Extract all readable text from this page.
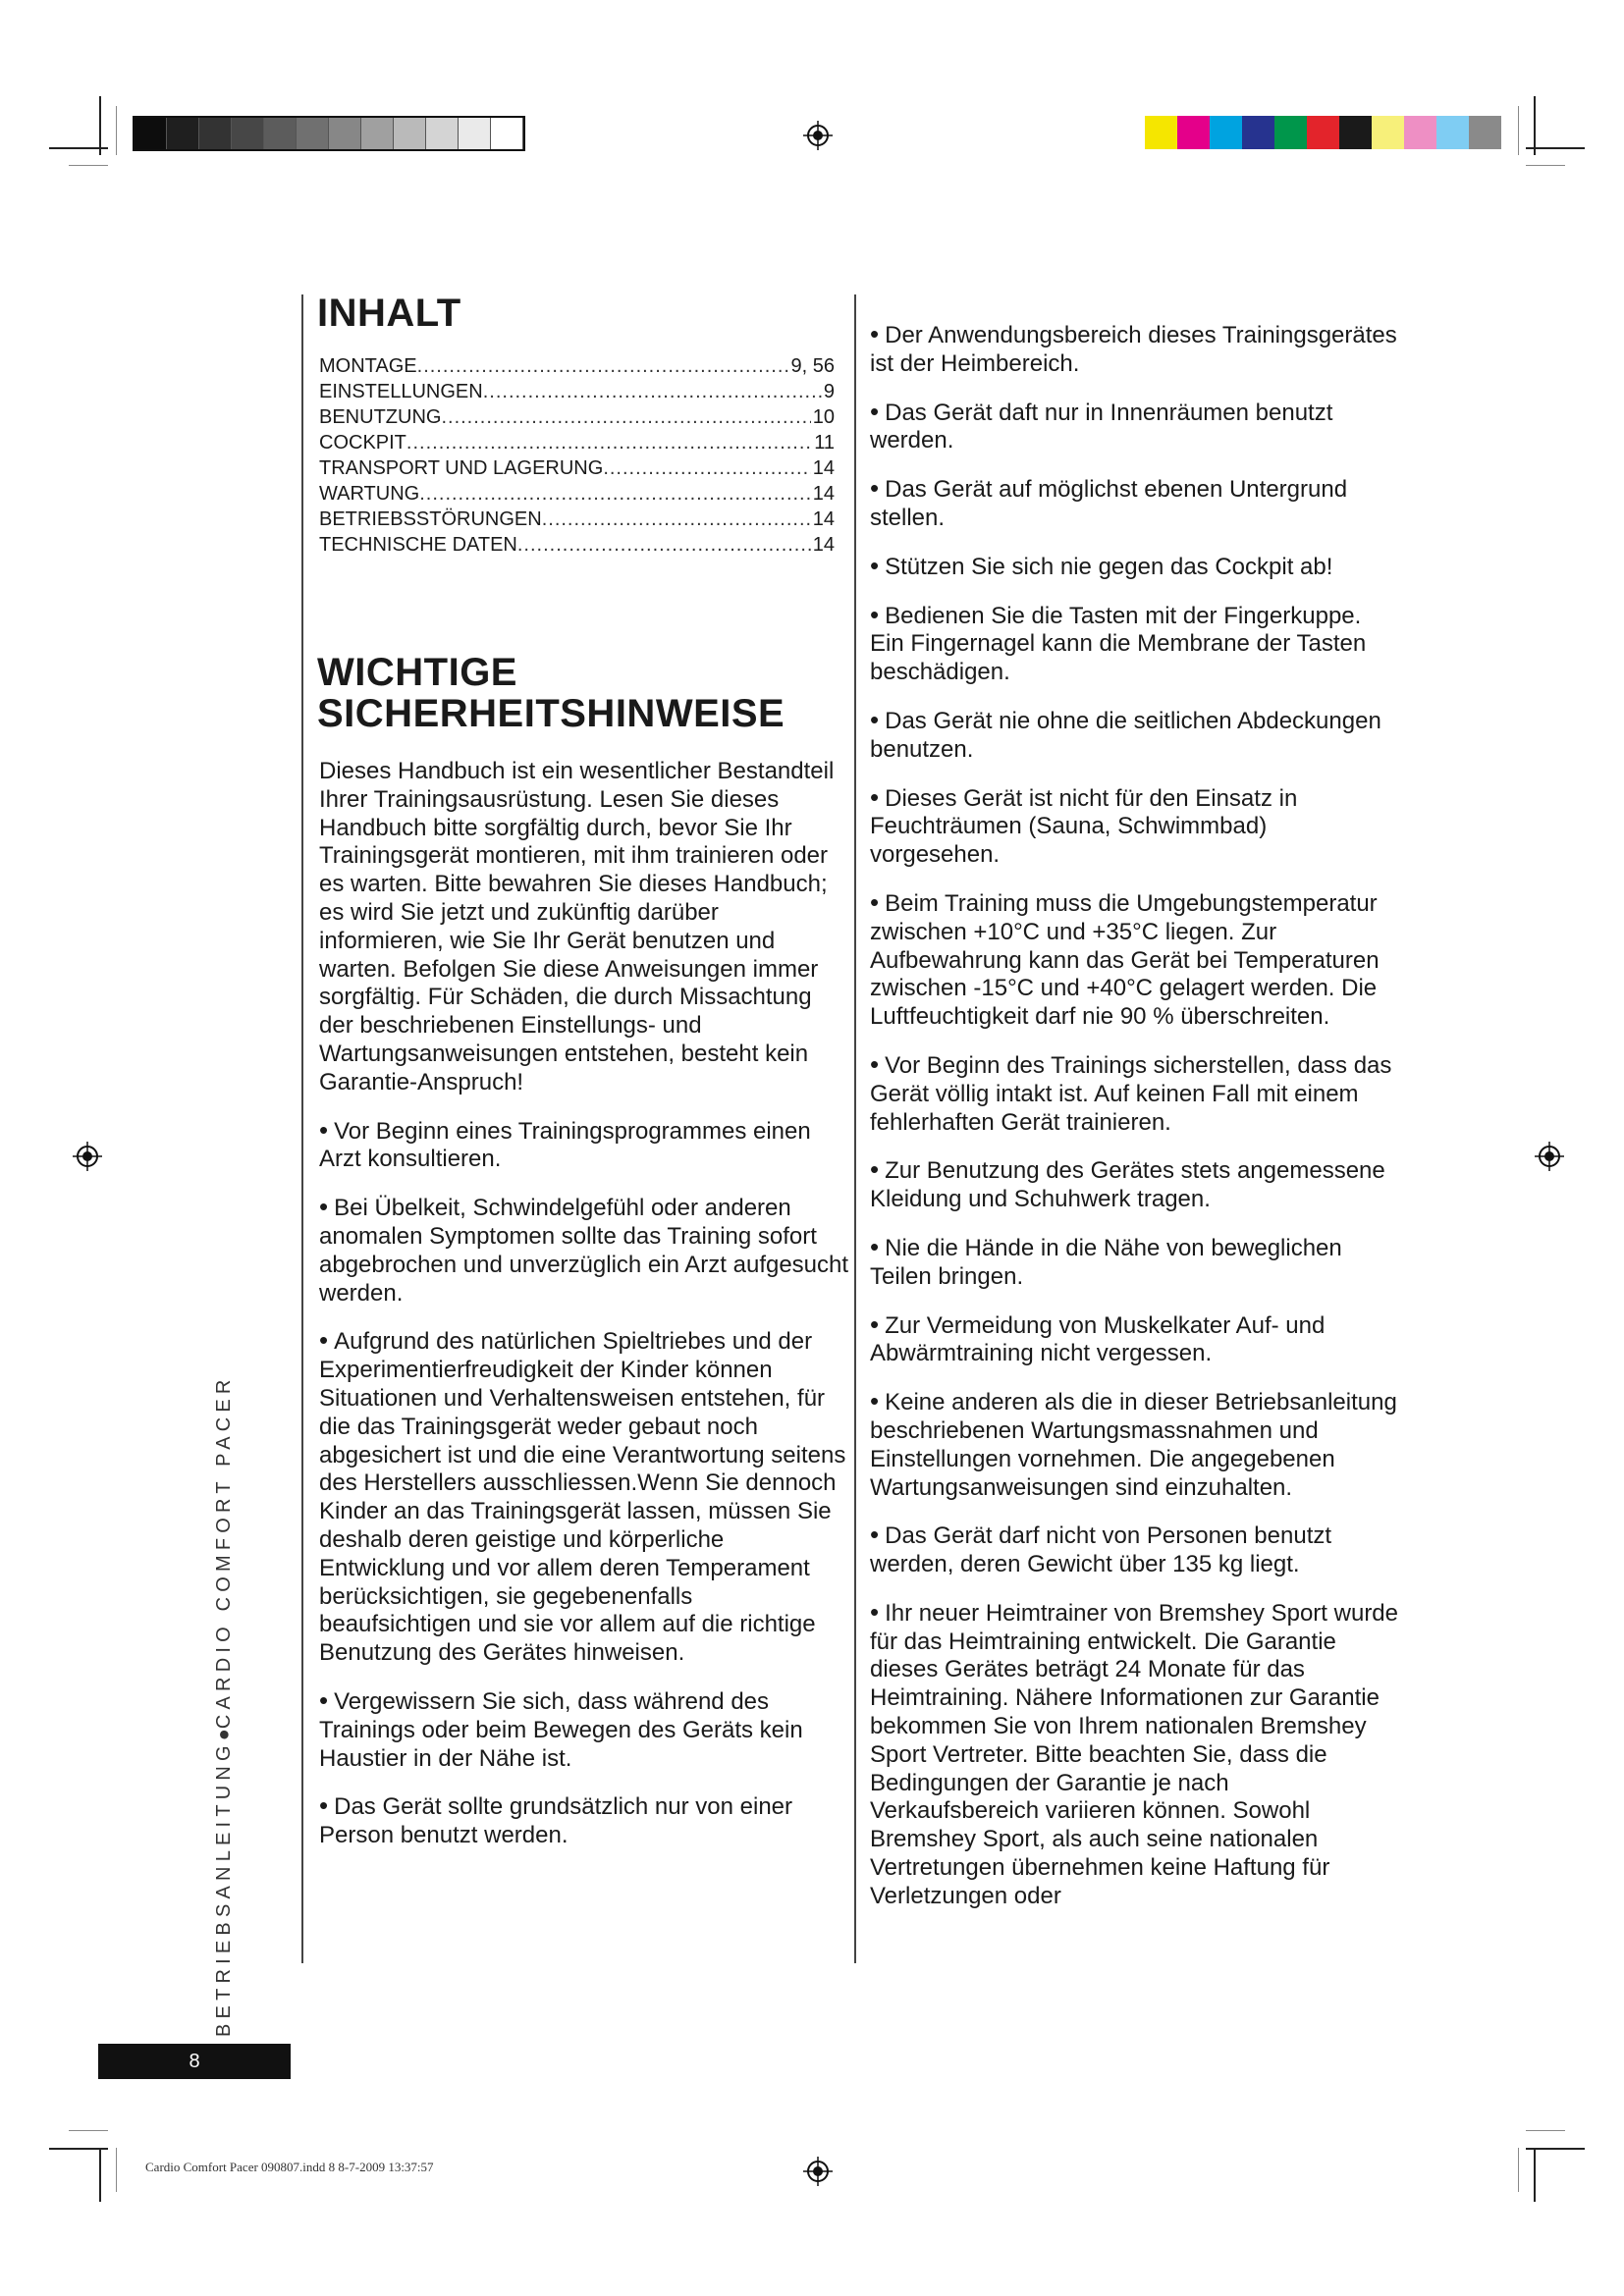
INHALT
MONTAGE .....	9, 56
EINSTELLUNGEN .....	9
BENUTZUNG .....	10
COCKPIT .....	11
TRANSPORT UND LAGERUNG .....	14
WARTUNG .....	14
BETRIEBSSTÖRUNGEN .....	14
TECHNISCHE DATEN .....	14
WICHTIGE
SICHERHEITSHINWEISE

Dieses Handbuch ist ein wesentlicher Bestandteil Ihrer Trainingsausrüstung. Lesen Sie dieses Handbuch bitte sorgfältig durch, bevor Sie Ihr Trainingsgerät montieren, mit ihm trainieren oder es warten. Bitte bewahren Sie dieses Handbuch; es wird Sie jetzt und zukünftig darüber informieren, wie Sie Ihr Gerät benutzen und warten. Befolgen Sie diese Anweisungen immer sorgfältig. Für Schäden, die durch Missachtung der beschriebenen Einstellungs- und Wartungsanweisungen entstehen, besteht kein Garantie-Anspruch!

• Vor Beginn eines Trainingsprogrammes einen Arzt konsultieren.

• Bei Übelkeit, Schwindelgefühl oder anderen anomalen Symptomen sollte das Training sofort abgebrochen und unverzüglich ein Arzt aufgesucht werden.

• Aufgrund des natürlichen Spieltriebes und der Experimentierfreudigkeit der Kinder können Situationen und Verhaltensweisen entstehen, für die das Trainingsgerät weder gebaut noch abgesichert ist und die eine Verantwortung seitens des Herstellers ausschliessen.Wenn Sie dennoch Kinder an das Trainingsgerät lassen, müssen Sie deshalb deren geistige und körperliche Entwicklung und vor allem deren Temperament berücksichtigen, sie gegebenenfalls beaufsichtigen und sie vor allem auf die richtige Benutzung des Gerätes hinweisen.

• Vergewissern Sie sich, dass während des Trainings oder beim Bewegen des Geräts kein Haustier in der Nähe ist.

• Das Gerät sollte grundsätzlich nur von einer Person benutzt werden.

• Der Anwendungsbereich dieses Trainingsgerätes ist der Heimbereich.

• Das Gerät daft nur in Innenräumen benutzt werden.

• Das Gerät auf möglichst ebenen Untergrund stellen.

• Stützen Sie sich nie gegen das Cockpit ab!

• Bedienen Sie die Tasten mit der Fingerkuppe. Ein Fingernagel kann die Membrane der Tasten beschädigen.

• Das Gerät nie ohne die seitlichen Abdeckungen benutzen.

• Dieses Gerät ist nicht für den Einsatz in Feuchträumen (Sauna, Schwimmbad) vorgesehen.

• Beim Training muss die Umgebungstemperatur zwischen +10°C und +35°C liegen. Zur Aufbewahrung kann das Gerät bei Temperaturen zwischen -15°C und +40°C gelagert werden. Die Luftfeuchtigkeit darf nie 90 % überschreiten.

• Vor Beginn des Trainings sicherstellen, dass das Gerät völlig intakt ist. Auf keinen Fall mit einem fehlerhaften Gerät trainieren.

• Zur Benutzung des Gerätes stets angemessene Kleidung und Schuhwerk tragen.

• Nie die Hände in die Nähe von beweglichen Teilen bringen.

• Zur Vermeidung von Muskelkater Auf- und Abwärmtraining nicht vergessen.

• Keine anderen als die in dieser Betriebsanleitung beschriebenen Wartungsmassnahmen und Einstellungen vornehmen. Die angegebenen Wartungsanweisungen sind einzuhalten.

• Das Gerät darf nicht von Personen benutzt werden, deren Gewicht über 135 kg liegt.

• Ihr neuer Heimtrainer von Bremshey Sport wurde für das Heimtraining entwickelt. Die Garantie dieses Gerätes beträgt 24 Monate für das Heimtraining. Nähere Informationen zur Garantie bekommen Sie von Ihrem nationalen Bremshey Sport Vertreter. Bitte beachten Sie, dass die Bedingungen der Garantie je nach Verkaufsbereich variieren können. Sowohl Bremshey Sport, als auch seine nationalen Vertretungen übernehmen keine Haftung für Verletzungen oder

BETRIEBSANLEITUNG●CARDIO COMFORT PACER
8
Cardio Comfort Pacer 090807.indd 8 8-7-2009 13:37:57
